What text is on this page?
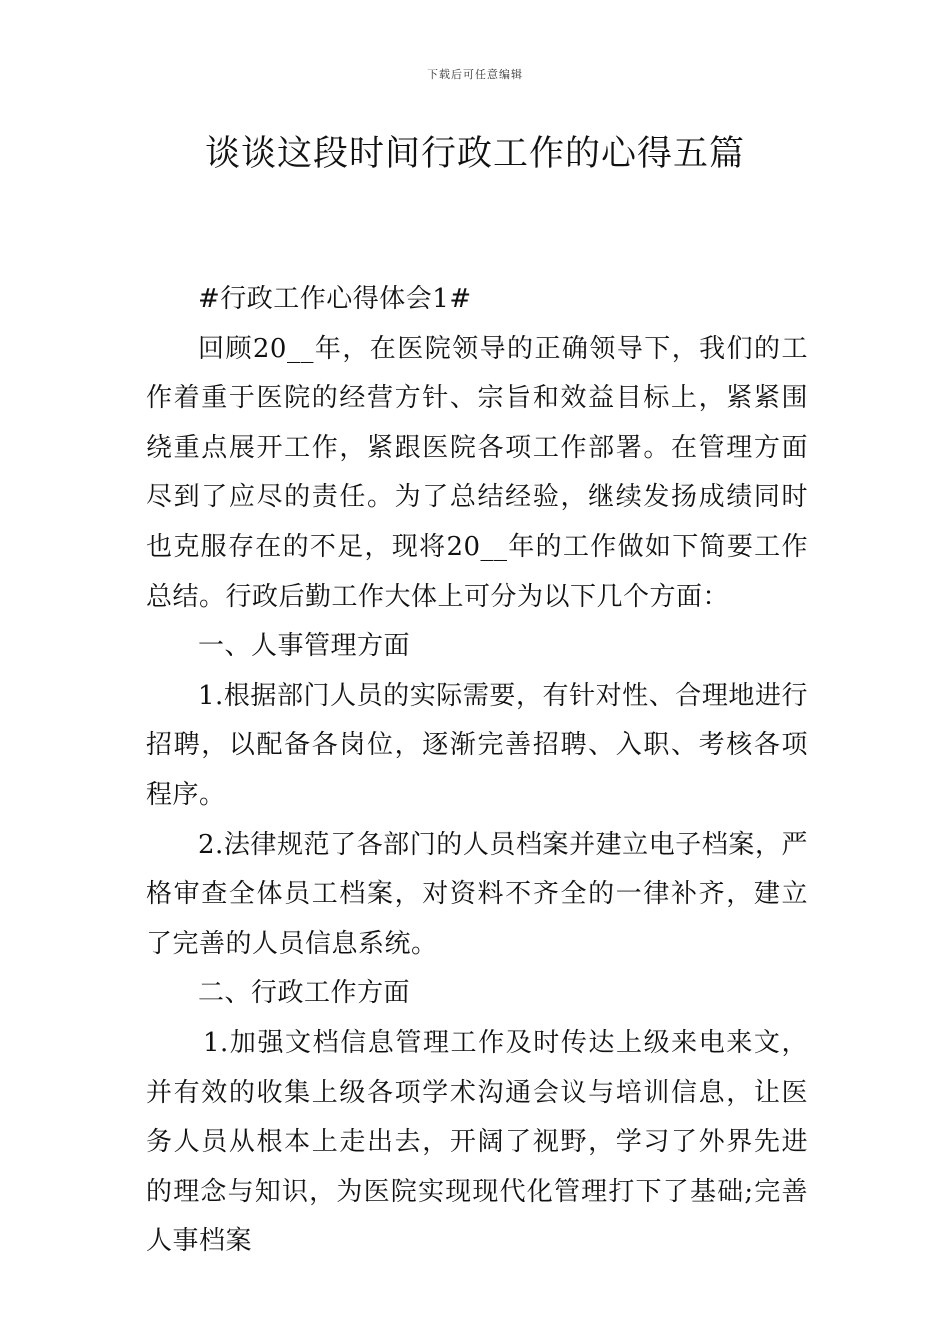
下载后可任意编辑
谈谈这段时间行政工作的心得五篇

#行政工作心得体会1#

回顾20__年，在医院领导的正确领导下，我们的工作着重于医院的经营方针、宗旨和效益目标上，紧紧围绕重点展开工作，紧跟医院各项工作部署。在管理方面尽到了应尽的责任。为了总结经验，继续发扬成绩同时也克服存在的不足，现将20__年的工作做如下简要工作总结。行政后勤工作大体上可分为以下几个方面：

一、人事管理方面

1.根据部门人员的实际需要，有针对性、合理地进行招聘，以配备各岗位，逐渐完善招聘、入职、考核各项程序。

2.法律规范了各部门的人员档案并建立电子档案，严格审查全体员工档案，对资料不齐全的一律补齐，建立了完善的人员信息系统。

二、行政工作方面

1.加强文档信息管理工作及时传达上级来电来文，并有效的收集上级各项学术沟通会议与培训信息，让医务人员从根本上走出去，开阔了视野，学习了外界先进的理念与知识，为医院实现现代化管理打下了基础;完善人事档案
